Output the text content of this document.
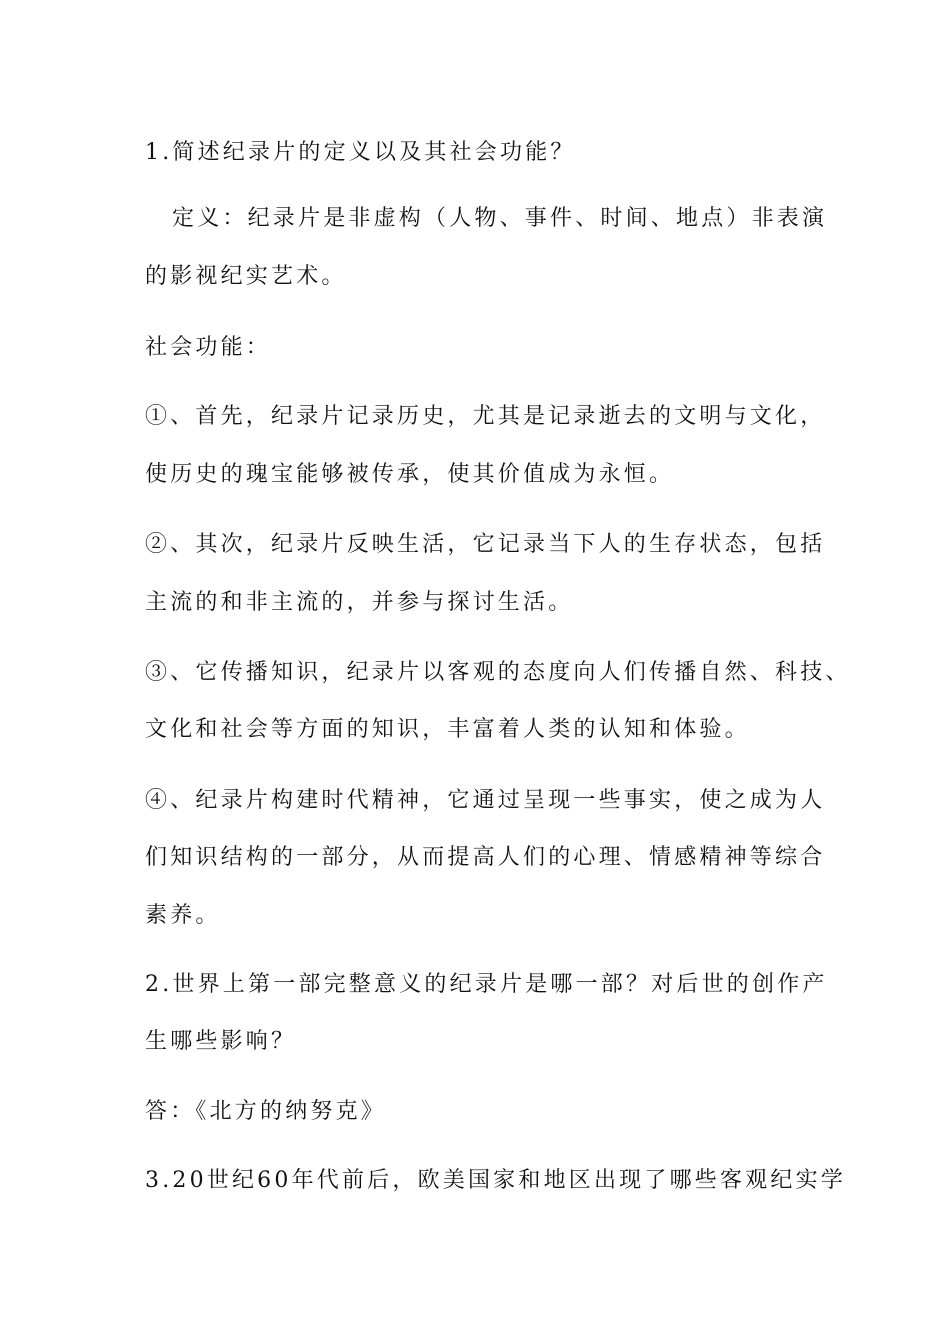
1.简述纪录片的定义以及其社会功能？
定义：纪录片是非虚构（人物、事件、时间、地点）非表演
的影视纪实艺术。
社会功能：
①、首先，纪录片记录历史，尤其是记录逝去的文明与文化，
使历史的瑰宝能够被传承，使其价值成为永恒。
②、其次，纪录片反映生活，它记录当下人的生存状态，包括
主流的和非主流的，并参与探讨生活。
③、它传播知识，纪录片以客观的态度向人们传播自然、科技、
文化和社会等方面的知识，丰富着人类的认知和体验。
④、纪录片构建时代精神，它通过呈现一些事实，使之成为人
们知识结构的一部分，从而提高人们的心理、情感精神等综合
素养。
2.世界上第一部完整意义的纪录片是哪一部？对后世的创作产
生哪些影响？
答：《北方的纳努克》
3.20世纪60年代前后，欧美国家和地区出现了哪些客观纪实学
